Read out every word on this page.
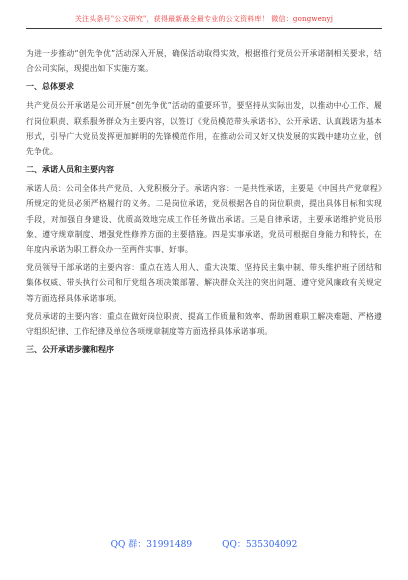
关注头条号"公文研究"，获得最新最全最专业的公文资料库！ 微信：gongwenyj

为进一步推动“创先争优”活动深入开展，确保活动取得实效，根据推行党员公开承诺制相关要求，结合公司实际，现提出如下实施方案。

一、总体要求

共产党员公开承诺是公司开展“创先争优”活动的重要环节，要坚持从实际出发，以推动中心工作、履行岗位职责、联系服务群众为主要内容，以签订《党员模范带头承诺书》、公开承诺、认真践诺为基本形式，引导广大党员发挥更加鲜明的先锋模范作用，在推动公司又好又快发展的实践中建功立业，创先争优。

二、承诺人员和主要内容

承诺人员：公司全体共产党员、入党积极分子。承诺内容：一是共性承诺，主要是《中国共产党章程》所规定的党员必须严格履行的义务。二是岗位承诺，党员根据各自的岗位职责，提出具体目标和实现手段，对加强自身建设、优质高效地完成工作任务做出承诺。三是自律承诺，主要承诺维护党员形象、遵守规章制度、增强党性修养方面的主要措施。四是实事承诺，党员可根据自身能力和特长，在年度内承诺为职工群众办一至两件实事、好事。

党员领导干部承诺的主要内容：重点在选人用人、重大决策、坚持民主集中制、带头维护班子团结和集体权威、带头执行公司和厅党组各项决策部署、解决群众关注的突出问题、遵守党风廉政有关规定等方面选择具体承诺事项。

党员承诺的主要内容：重点在做好岗位职责、提高工作质量和效率、帮助困难职工解决难题、严格遵守组织纪律、工作纪律及单位各项规章制度等方面选择具体承诺事项。

三、公开承诺步骤和程序
QQ 群：31991489	QQ：535304092
